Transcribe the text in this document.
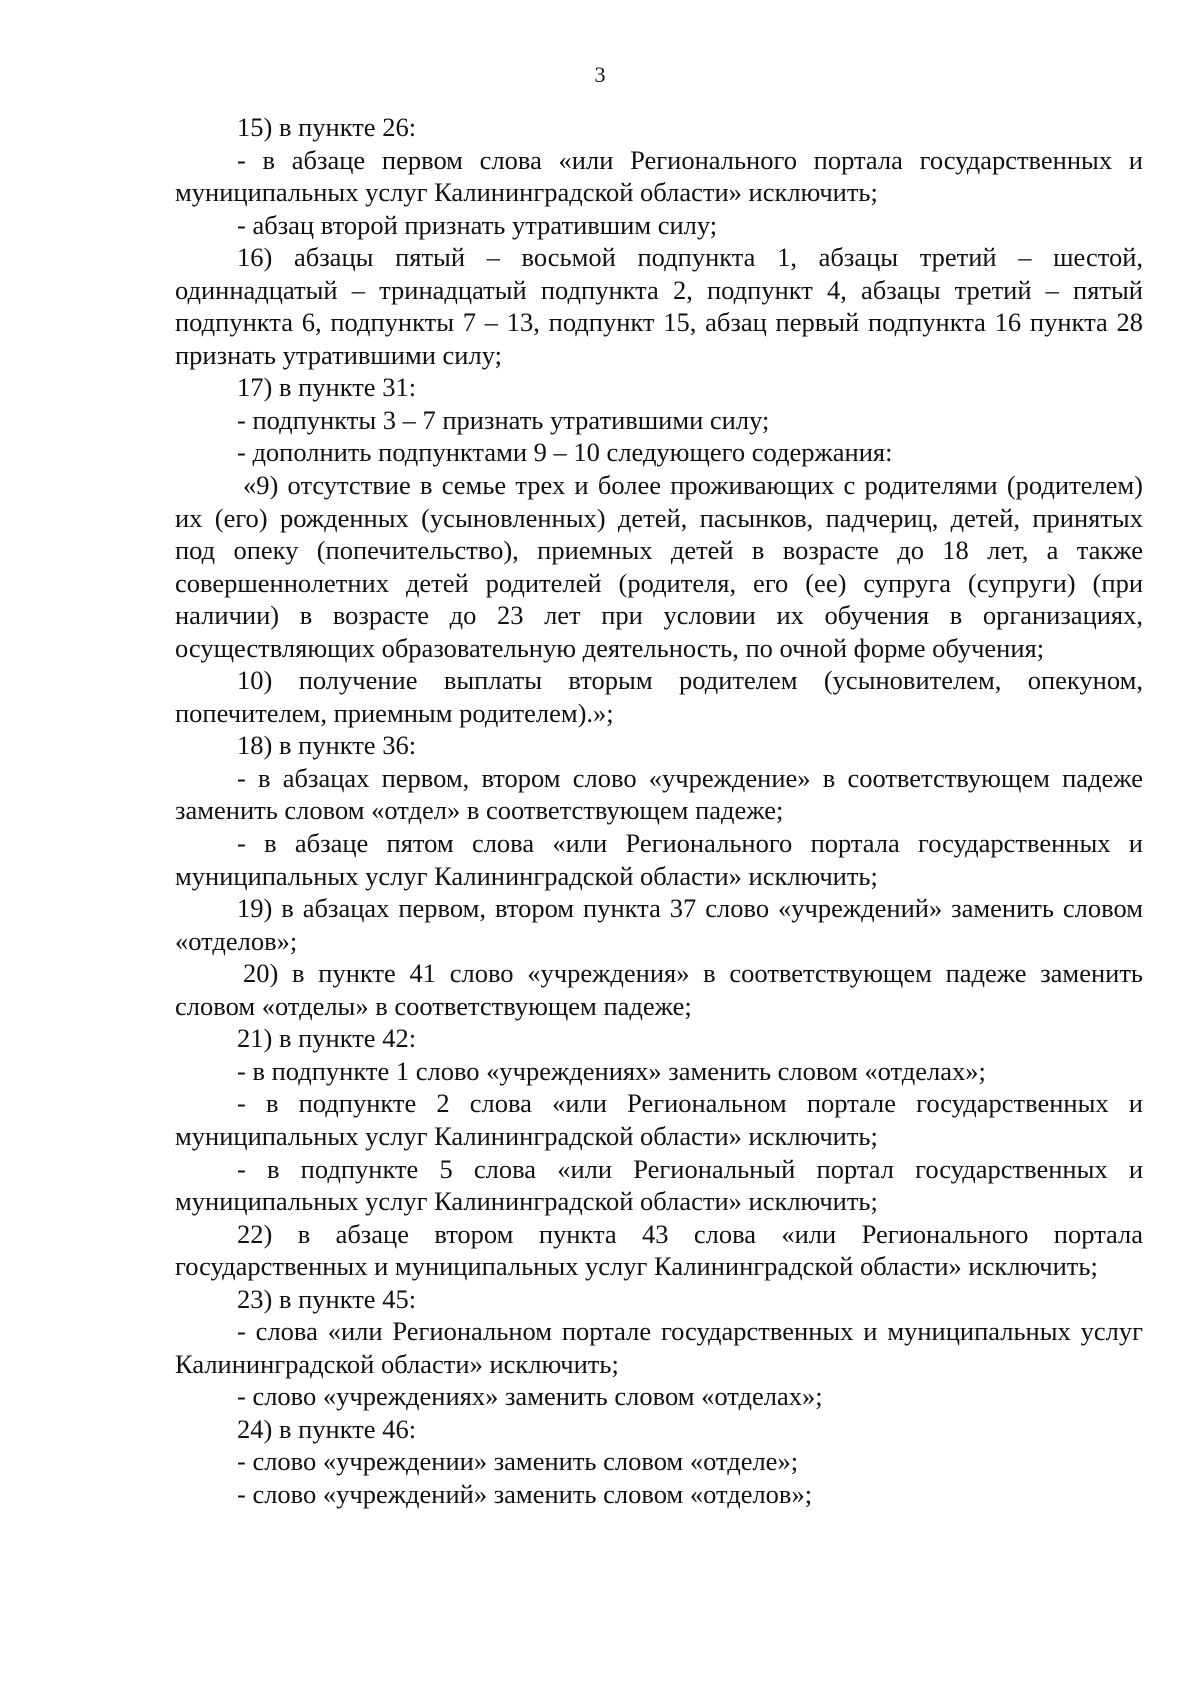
3

15) в пункте 26:

- в абзаце первом слова «или Регионального портала государственных и муниципальных услуг Калининградской области» исключить;

- абзац второй признать утратившим силу;

16) абзацы пятый – восьмой подпункта 1, абзацы третий – шестой, одиннадцатый – тринадцатый подпункта 2, подпункт 4, абзацы третий – пятый подпункта 6, подпункты 7 – 13, подпункт 15, абзац первый подпункта 16 пункта 28 признать утратившими силу;

17) в пункте 31:

- подпункты 3 – 7 признать утратившими силу;

- дополнить подпунктами 9 – 10 следующего содержания:

«9) отсутствие в семье трех и более проживающих с родителями (родителем) их (его) рожденных (усыновленных) детей, пасынков, падчериц, детей, принятых под опеку (попечительство), приемных детей в возрасте до 18 лет, а также совершеннолетних детей родителей (родителя, его (ее) супруга (супруги) (при наличии) в возрасте до 23 лет при условии их обучения в организациях, осуществляющих образовательную деятельность, по очной форме обучения;

10) получение выплаты вторым родителем (усыновителем, опекуном, попечителем, приемным родителем).»;

18) в пункте 36:

- в абзацах первом, втором слово «учреждение» в соответствующем падеже заменить словом «отдел» в соответствующем падеже;

- в абзаце пятом слова «или Регионального портала государственных и муниципальных услуг Калининградской области» исключить;

19) в абзацах первом, втором пункта 37 слово «учреждений» заменить словом «отделов»;

20) в пункте 41 слово «учреждения» в соответствующем падеже заменить словом «отделы» в соответствующем падеже;

21) в пункте 42:

- в подпункте 1 слово «учреждениях» заменить словом «отделах»;

- в подпункте 2 слова «или Региональном портале государственных и муниципальных услуг Калининградской области» исключить;

- в подпункте 5 слова «или Региональный портал государственных и муниципальных услуг Калининградской области» исключить;

22) в абзаце втором пункта 43 слова «или Регионального портала государственных и муниципальных услуг Калининградской области» исключить;

23) в пункте 45:

- слова «или Региональном портале государственных и муниципальных услуг Калининградской области» исключить;

- слово «учреждениях» заменить словом «отделах»;

24) в пункте 46:

- слово «учреждении» заменить словом «отделе»;

- слово «учреждений» заменить словом «отделов»;
